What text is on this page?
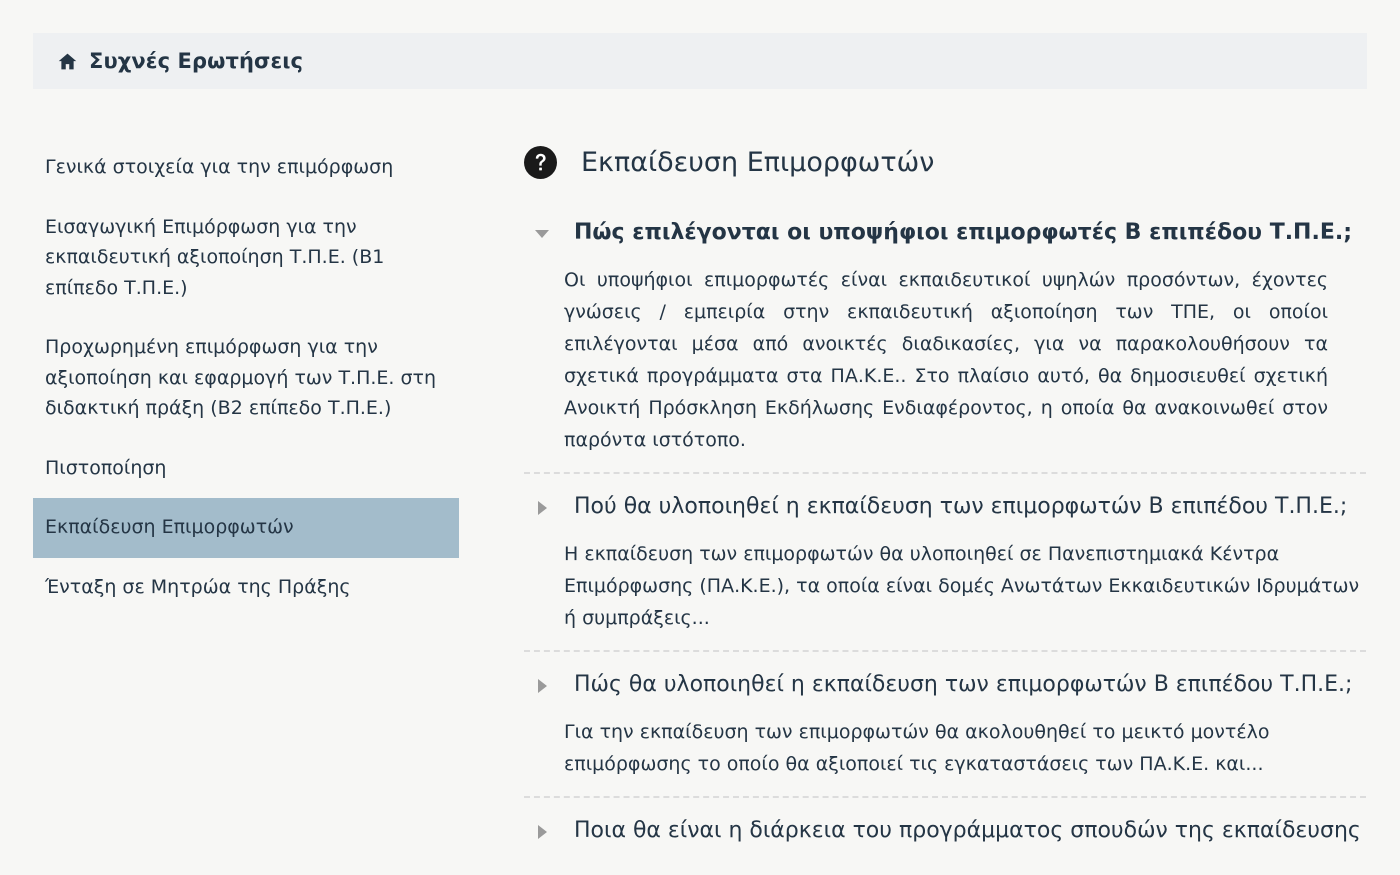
Συχνές Ερωτήσεις
Γενικά στοιχεία για την επιμόρφωση
Εισαγωγική Επιμόρφωση για την εκπαιδευτική αξιοποίηση Τ.Π.Ε. (Β1 επίπεδο Τ.Π.Ε.)
Προχωρημένη επιμόρφωση για την αξιοποίηση και εφαρμογή των Τ.Π.Ε. στη διδακτική πράξη (Β2 επίπεδο Τ.Π.Ε.)
Πιστοποίηση
Εκπαίδευση Επιμορφωτών
Ένταξη σε Μητρώα της Πράξης
Εκπαίδευση Επιμορφωτών
Πώς επιλέγονται οι υποψήφιοι επιμορφωτές Β επιπέδου Τ.Π.Ε.;

Οι υποψήφιοι επιμορφωτές είναι εκπαιδευτικοί υψηλών προσόντων, έχοντες γνώσεις / εμπειρία στην εκπαιδευτική αξιοποίηση των ΤΠΕ, οι οποίοι επιλέγονται μέσα από ανοικτές διαδικασίες, για να παρακολουθήσουν τα σχετικά προγράμματα στα ΠΑ.Κ.Ε.. Στο πλαίσιο αυτό, θα δημοσιευθεί σχετική Ανοικτή Πρόσκληση Εκδήλωσης Ενδιαφέροντος, η οποία θα ανακοινωθεί στον παρόντα ιστότοπο.

Πού θα υλοποιηθεί η εκπαίδευση των επιμορφωτών Β επιπέδου Τ.Π.Ε.;

Η εκπαίδευση των επιμορφωτών θα υλοποιηθεί σε Πανεπιστημιακά Κέντρα Επιμόρφωσης (ΠΑ.Κ.Ε.), τα οποία είναι δομές Ανωτάτων Εκκαιδευτικών Ιδρυμάτων ή συμπράξεις...

Πώς θα υλοποιηθεί η εκπαίδευση των επιμορφωτών Β επιπέδου Τ.Π.Ε.;

Για την εκπαίδευση των επιμορφωτών θα ακολουθηθεί το μεικτό μοντέλο επιμόρφωσης το οποίο θα αξιοποιεί τις εγκαταστάσεις των ΠΑ.Κ.Ε. και...

Ποια θα είναι η διάρκεια του προγράμματος σπουδών της εκπαίδευσης
